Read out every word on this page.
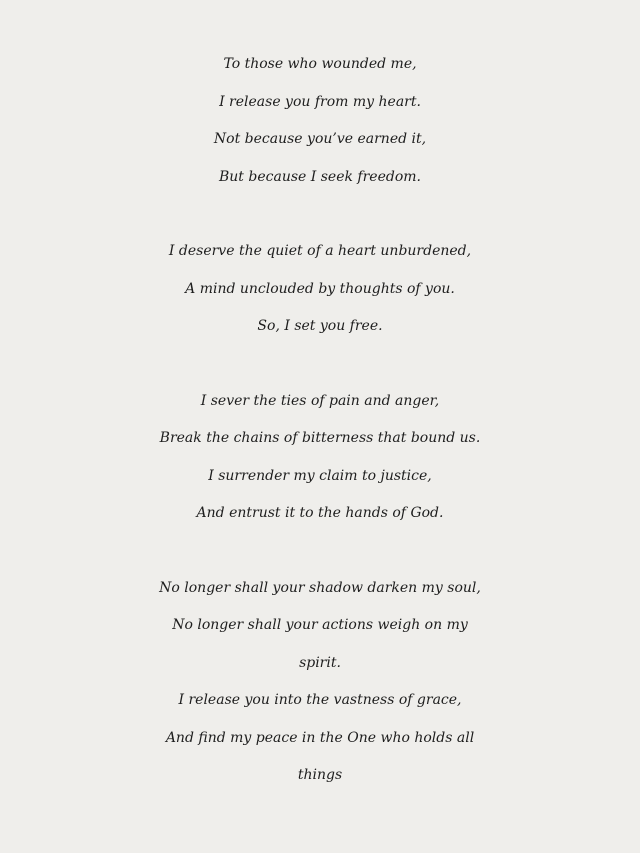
To those who wounded me,
I release you from my heart.
Not because you’ve earned it,
But because I seek freedom.
I deserve the quiet of a heart unburdened,
A mind unclouded by thoughts of you.
So, I set you free.
I sever the ties of pain and anger,
Break the chains of bitterness that bound us.
I surrender my claim to justice,
And entrust it to the hands of God.
No longer shall your shadow darken my soul,
No longer shall your actions weigh on my
spirit.
I release you into the vastness of grace,
And find my peace in the One who holds all
things
